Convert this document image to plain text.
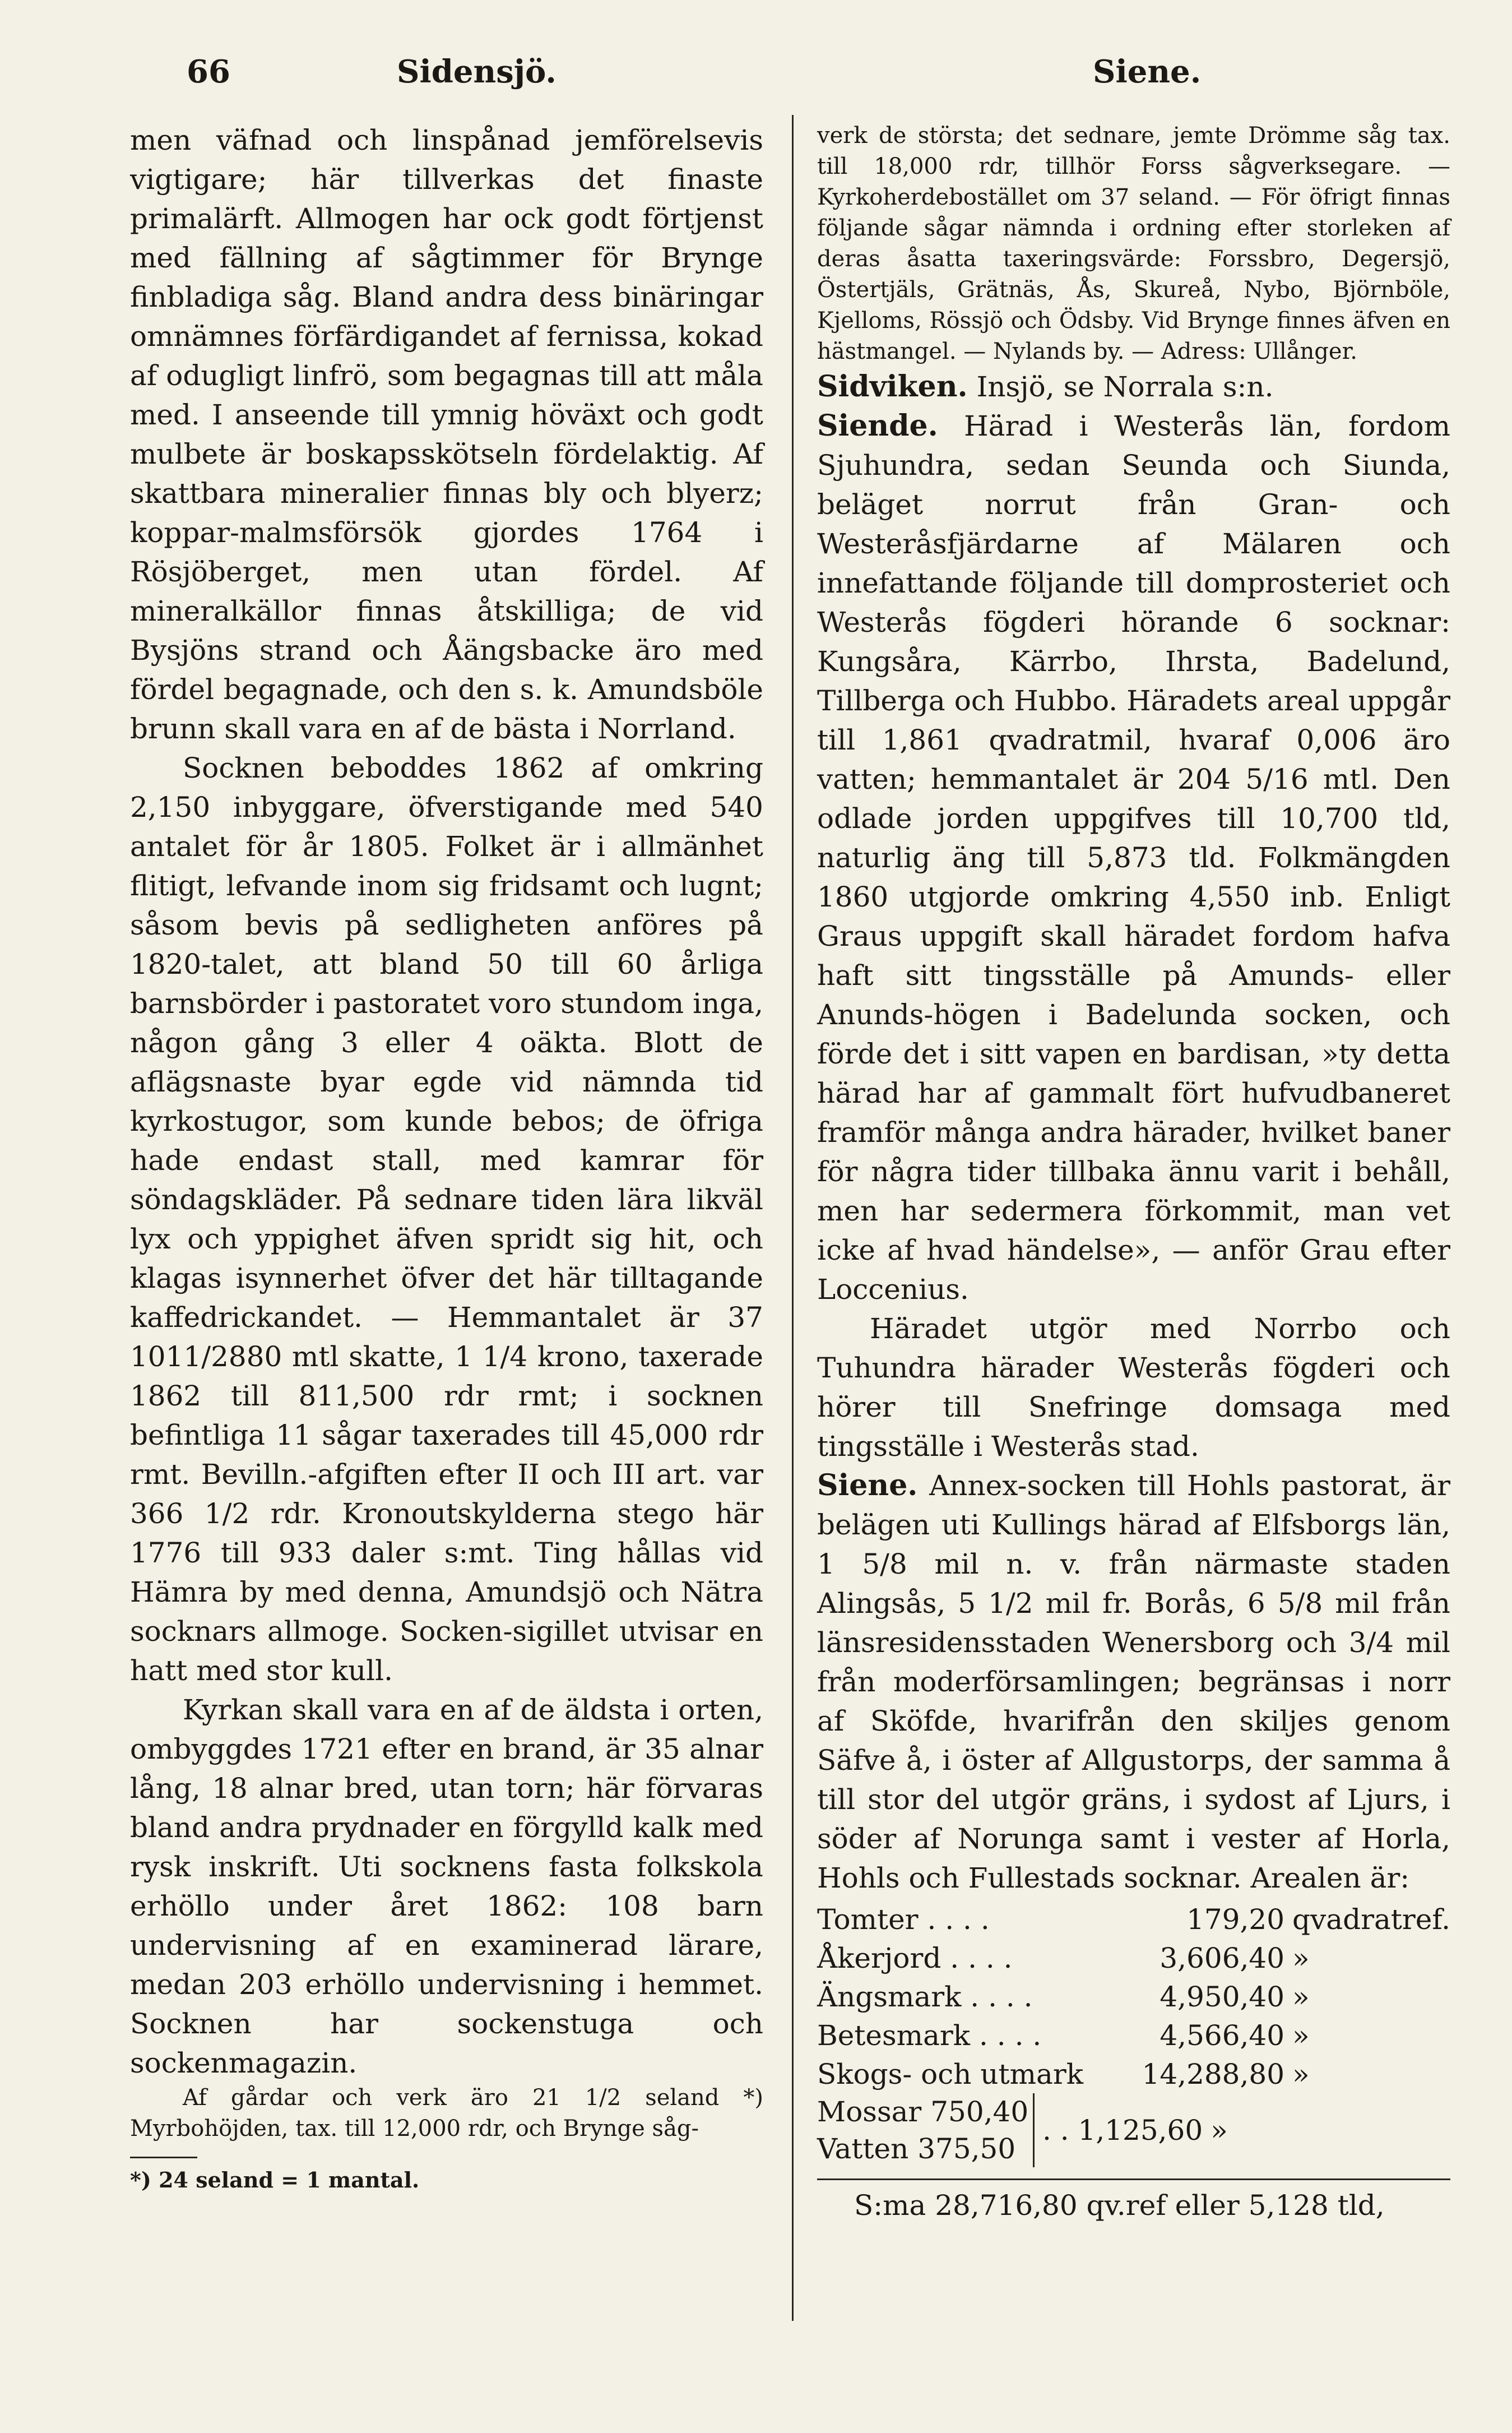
66	Sidensjö.	Siene.

men väfnad och linspånad jemförelsevis vigtigare; här tillverkas det finaste primalärft. Allmogen har ock godt förtjenst med fällning af sågtimmer för Brynge finbladiga såg. Bland andra dess binäringar omnämnes förfärdigandet af fernissa, kokad af odugligt linfrö, som begagnas till att måla med. I anseende till ymnig höväxt och godt mulbete är boskapsskötseln fördelaktig. Af skattbara mineralier finnas bly och blyerz; koppar-malmsförsök gjordes 1764 i Rösjöberget, men utan fördel. Af mineralkällor finnas åtskilliga; de vid Bysjöns strand och Åängsbacke äro med fördel begagnade, och den s. k. Amundsböle brunn skall vara en af de bästa i Norrland.

Socknen beboddes 1862 af omkring 2,150 inbyggare, öfverstigande med 540 antalet för år 1805. Folket är i allmänhet flitigt, lefvande inom sig fridsamt och lugnt; såsom bevis på sedligheten anföres på 1820-talet, att bland 50 till 60 årliga barnsbörder i pastoratet voro stundom inga, någon gång 3 eller 4 oäkta. Blott de aflägsnaste byar egde vid nämnda tid kyrkostugor, som kunde bebos; de öfriga hade endast stall, med kamrar för söndagskläder. På sednare tiden lära likväl lyx och yppighet äfven spridt sig hit, och klagas isynnerhet öfver det här tilltagande kaffedrickandet. — Hemmantalet är 37 1011/2880 mtl skatte, 1 1/4 krono, taxerade 1862 till 811,500 rdr rmt; i socknen befintliga 11 sågar taxerades till 45,000 rdr rmt. Bevilln.-afgiften efter II och III art. var 366 1/2 rdr. Kronoutskylderna stego här 1776 till 933 daler s:mt. Ting hållas vid Hämra by med denna, Amundsjö och Nätra socknars allmoge. Socken-sigillet utvisar en hatt med stor kull.

Kyrkan skall vara en af de äldsta i orten, ombyggdes 1721 efter en brand, är 35 alnar lång, 18 alnar bred, utan torn; här förvaras bland andra prydnader en förgylld kalk med rysk inskrift. Uti socknens fasta folkskola erhöllo under året 1862: 108 barn undervisning af en examinerad lärare, medan 203 erhöllo undervisning i hemmet. Socknen har sockenstuga och sockenmagazin.

Af gårdar och verk äro 21 1/2 seland *) Myrbohöjden, tax. till 12,000 rdr, och Brynge såg-

*) 24 seland = 1 mantal.

verk de största; det sednare, jemte Drömme såg tax. till 18,000 rdr, tillhör Forss sågverksegare. — Kyrkoherdebostället om 37 seland. — För öfrigt finnas följande sågar nämnda i ordning efter storleken af deras åsatta taxeringsvärde: Forssbro, Degersjö, Östertjäls, Grätnäs, Ås, Skureå, Nybo, Björnböle, Kjelloms, Rössjö och Ödsby. Vid Brynge finnes äfven en hästmangel. — Nylands by. — Adress: Ullånger.

Sidviken. Insjö, se Norrala s:n.

Siende. Härad i Westerås län, fordom Sjuhundra, sedan Seunda och Siunda, beläget norrut från Gran- och Westeråsfjärdarne af Mälaren och innefattande följande till domprosteriet och Westerås fögderi hörande 6 socknar: Kungsåra, Kärrbo, Ihrsta, Badelund, Tillberga och Hubbo. Häradets areal uppgår till 1,861 qvadratmil, hvaraf 0,006 äro vatten; hemmantalet är 204 5/16 mtl. Den odlade jorden uppgifves till 10,700 tld, naturlig äng till 5,873 tld. Folkmängden 1860 utgjorde omkring 4,550 inb. Enligt Graus uppgift skall häradet fordom hafva haft sitt tingsställe på Amunds- eller Anunds-högen i Badelunda socken, och förde det i sitt vapen en bardisan, »ty detta härad har af gammalt fört hufvudbaneret framför många andra härader, hvilket baner för några tider tillbaka ännu varit i behåll, men har sedermera förkommit, man vet icke af hvad händelse», — anför Grau efter Loccenius.

Häradet utgör med Norrbo och Tuhundra härader Westerås fögderi och hörer till Snefringe domsaga med tingsställe i Westerås stad.

Siene. Annex-socken till Hohls pastorat, är belägen uti Kullings härad af Elfsborgs län, 1 5/8 mil n. v. från närmaste staden Alingsås, 5 1/2 mil fr. Borås, 6 5/8 mil från länsresidensstaden Wenersborg och 3/4 mil från moderförsamlingen; begränsas i norr af Sköfde, hvarifrån den skiljes genom Säfve å, i öster af Allgustorps, der samma å till stor del utgör gräns, i sydost af Ljurs, i söder af Norunga samt i vester af Horla, Hohls och Fullestads socknar. Arealen är:

Tomter . . . .	179,20	qvadratref.
Åkerjord . . . .	3,606,40	»
Ängsmark . . . .	4,950,40	»
Betesmark . . . .	4,566,40	»
Skogs- och utmark	14,288,80	»
Mossar 750,40
Vatten 375,50
. . 1,125,60 »
S:ma 28,716,80 qv.ref eller 5,128 tld,
